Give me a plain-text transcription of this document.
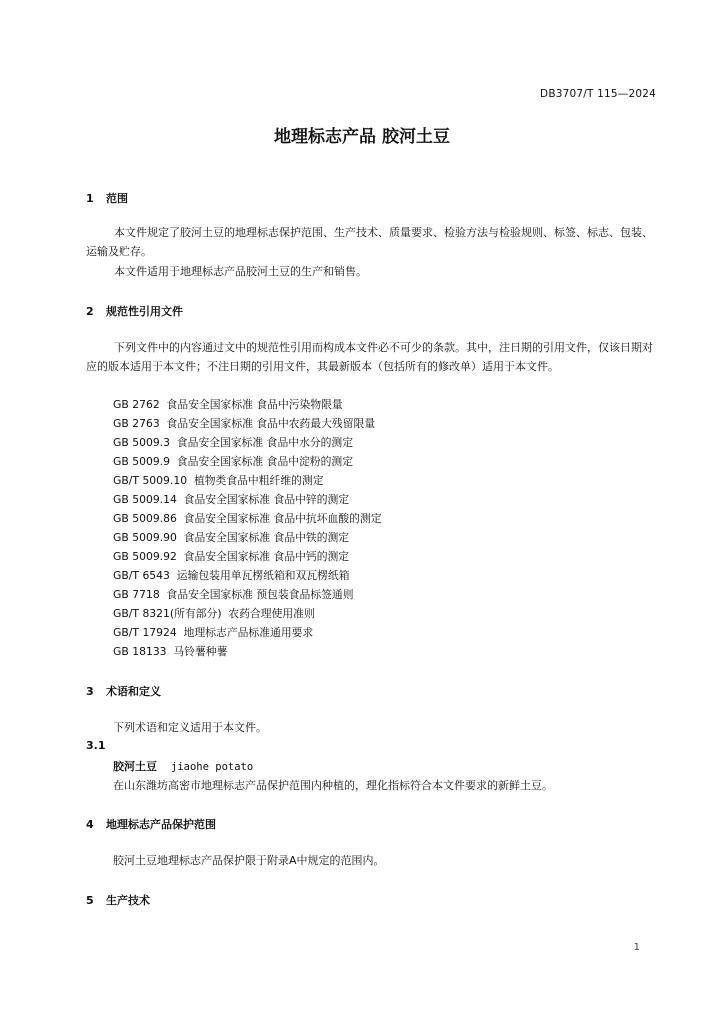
DB3707/T 115—2024
地理标志产品 胶河土豆
1 范围
本文件规定了胶河土豆的地理标志保护范围、生产技术、质量要求、检验方法与检验规则、标签、标志、包装、运输及贮存。
本文件适用于地理标志产品胶河土豆的生产和销售。
2 规范性引用文件
下列文件中的内容通过文中的规范性引用而构成本文件必不可少的条款。其中，注日期的引用文件，仅该日期对应的版本适用于本文件；不注日期的引用文件，其最新版本（包括所有的修改单）适用于本文件。
GB 2762  食品安全国家标准 食品中污染物限量
GB 2763  食品安全国家标准 食品中农药最大残留限量
GB 5009.3  食品安全国家标准 食品中水分的测定
GB 5009.9  食品安全国家标准 食品中淀粉的测定
GB/T 5009.10  植物类食品中粗纤维的测定
GB 5009.14  食品安全国家标准 食品中锌的测定
GB 5009.86  食品安全国家标准 食品中抗坏血酸的测定
GB 5009.90  食品安全国家标准 食品中铁的测定
GB 5009.92  食品安全国家标准 食品中钙的测定
GB/T 6543  运输包装用单瓦楞纸箱和双瓦楞纸箱
GB 7718  食品安全国家标准 预包装食品标签通则
GB/T 8321(所有部分)  农药合理使用准则
GB/T 17924  地理标志产品标准通用要求
GB 18133  马铃薯种薯
3 术语和定义
下列术语和定义适用于本文件。
3.1
胶河土豆 jiaohe potato
在山东潍坊高密市地理标志产品保护范围内种植的，理化指标符合本文件要求的新鲜土豆。
4 地理标志产品保护范围
胶河土豆地理标志产品保护限于附录A中规定的范围内。
5 生产技术
1
